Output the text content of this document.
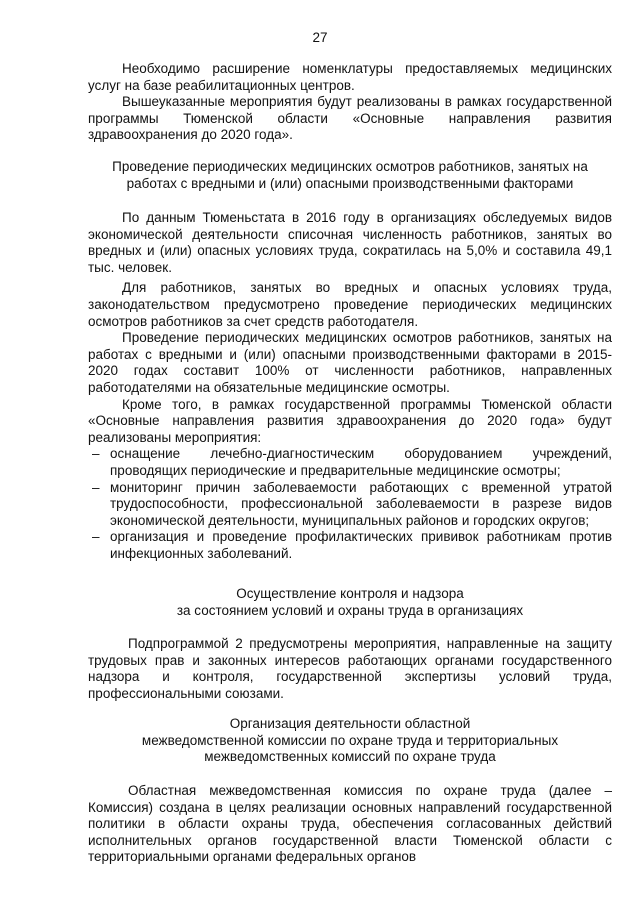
27

Необходимо расширение номенклатуры предоставляемых медицинских услуг на базе реабилитационных центров.

Вышеуказанные мероприятия будут реализованы в рамках государственной программы Тюменской области «Основные направления развития здравоохранения до 2020 года».

Проведение периодических медицинских осмотров работников, занятых на работах с вредными и (или) опасными производственными факторами

По данным Тюменьстата в 2016 году в организациях обследуемых видов экономической деятельности списочная численность работников, занятых во вредных и (или) опасных условиях труда, сократилась на 5,0% и составила 49,1 тыс. человек.

Для работников, занятых во вредных и опасных условиях труда, законодательством предусмотрено проведение периодических медицинских осмотров работников за счет средств работодателя.

Проведение периодических медицинских осмотров работников, занятых на работах с вредными и (или) опасными производственными факторами в 2015-2020 годах составит 100% от численности работников, направленных работодателями на обязательные медицинские осмотры.

Кроме того, в рамках государственной программы Тюменской области «Основные направления развития здравоохранения до 2020 года» будут реализованы мероприятия:

– оснащение лечебно-диагностическим оборудованием учреждений, проводящих периодические и предварительные медицинские осмотры;
– мониторинг причин заболеваемости работающих с временной утратой трудоспособности, профессиональной заболеваемости в разрезе видов экономической деятельности, муниципальных районов и городских округов;
– организация и проведение профилактических прививок работникам против инфекционных заболеваний.

Осуществление контроля и надзора

за состоянием условий и охраны труда в организациях

Подпрограммой 2 предусмотрены мероприятия, направленные на защиту трудовых прав и законных интересов работающих органами государственного надзора и контроля, государственной экспертизы условий труда, профессиональными союзами.

Организация деятельности областной

межведомственной комиссии по охране труда и территориальных

межведомственных комиссий по охране труда

Областная межведомственная комиссия по охране труда (далее – Комиссия) создана в целях реализации основных направлений государственной политики в области охраны труда, обеспечения согласованных действий исполнительных органов государственной власти Тюменской области с территориальными органами федеральных органов
